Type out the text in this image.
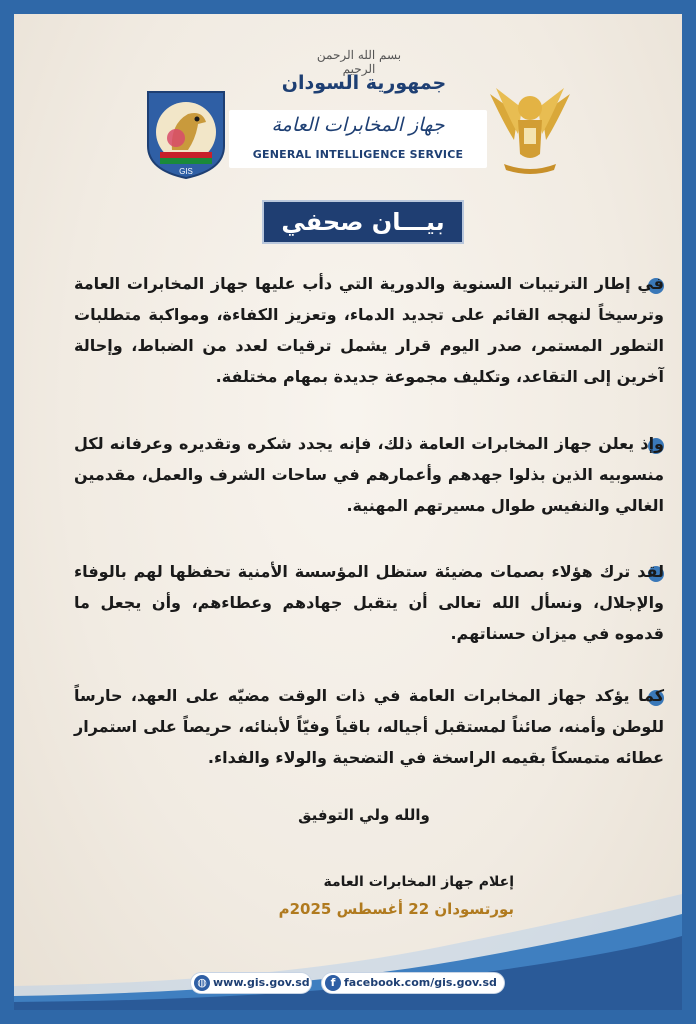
بسم الله الرحمن الرحيم
جمهورية السودان
GIS
جهاز المخابرات العامة
GENERAL INTELLIGENCE SERVICE
بيـــان صحفي
في إطار الترتيبات السنوية والدورية التي دأب عليها جهاز المخابرات العامة وترسيخاً لنهجه القائم على تجديد الدماء، وتعزيز الكفاءة، ومواكبة متطلبات التطور المستمر، صدر اليوم قرار يشمل ترقيات لعدد من الضباط، وإحالة آخرين إلى التقاعد، وتكليف مجموعة جديدة بمهام مختلفة.
وإذ يعلن جهاز المخابرات العامة ذلك، فإنه يجدد شكره وتقديره وعرفانه لكل منسوبيه الذين بذلوا جهدهم وأعمارهم في ساحات الشرف والعمل، مقدمين الغالي والنفيس طوال مسيرتهم المهنية.
لقد ترك هؤلاء بصمات مضيئة ستظل المؤسسة الأمنية تحفظها لهم بالوفاء والإجلال، ونسأل الله تعالى أن يتقبل جهادهم وعطاءهم، وأن يجعل ما قدموه في ميزان حسناتهم.
كما يؤكد جهاز المخابرات العامة في ذات الوقت مضيّه على العهد، حارساً للوطن وأمنه، صائناً لمستقبل أجياله، باقياً وفيّاً لأبنائه، حريصاً على استمرار عطائه متمسكاً بقيمه الراسخة في التضحية والولاء والفداء.
والله ولي التوفيق
إعلام جهاز المخابرات العامة
بورتسودان 22 أغسطس 2025م
◍ www.gis.gov.sd	f facebook.com/gis.gov.sd
